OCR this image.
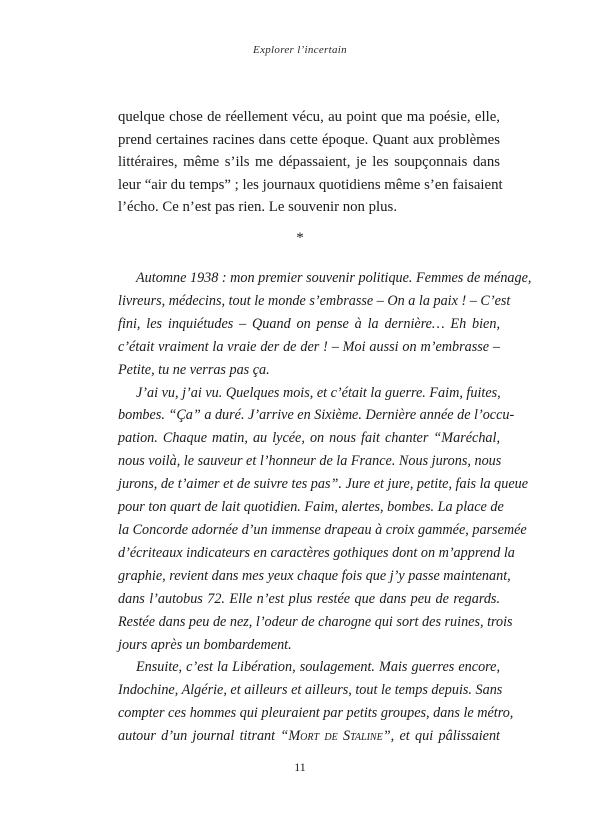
Explorer l’incertain
quelque chose de réellement vécu, au point que ma poésie, elle,
prend certaines racines dans cette époque. Quant aux problèmes
littéraires, même s’ils me dépassaient, je les soupçonnais dans
leur “air du temps” ; les journaux quotidiens même s’en faisaient
l’écho. Ce n’est pas rien. Le souvenir non plus.
*
Automne 1938 : mon premier souvenir politique. Femmes de ménage,
livreurs, médecins, tout le monde s’embrasse – On a la paix ! – C’est
fini, les inquiétudes – Quand on pense à la dernière… Eh bien,
c’était vraiment la vraie der de der ! – Moi aussi on m’embrasse –
Petite, tu ne verras pas ça.
J’ai vu, j’ai vu. Quelques mois, et c’était la guerre. Faim, fuites,
bombes. “Ça” a duré. J’arrive en Sixième. Dernière année de l’occu-
pation. Chaque matin, au lycée, on nous fait chanter “Maréchal,
nous voilà, le sauveur et l’honneur de la France. Nous jurons, nous
jurons, de t’aimer et de suivre tes pas”. Jure et jure, petite, fais la queue
pour ton quart de lait quotidien. Faim, alertes, bombes. La place de
la Concorde adornée d’un immense drapeau à croix gammée, parsemée
d’écriteaux indicateurs en caractères gothiques dont on m’apprend la
graphie, revient dans mes yeux chaque fois que j’y passe maintenant,
dans l’autobus 72. Elle n’est plus restée que dans peu de regards.
Restée dans peu de nez, l’odeur de charogne qui sort des ruines, trois
jours après un bombardement.
Ensuite, c’est la Libération, soulagement. Mais guerres encore,
Indochine, Algérie, et ailleurs et ailleurs, tout le temps depuis. Sans
compter ces hommes qui pleuraient par petits groupes, dans le métro,
autour d’un journal titrant “Mort de Staline”, et qui pâlissaient
11
